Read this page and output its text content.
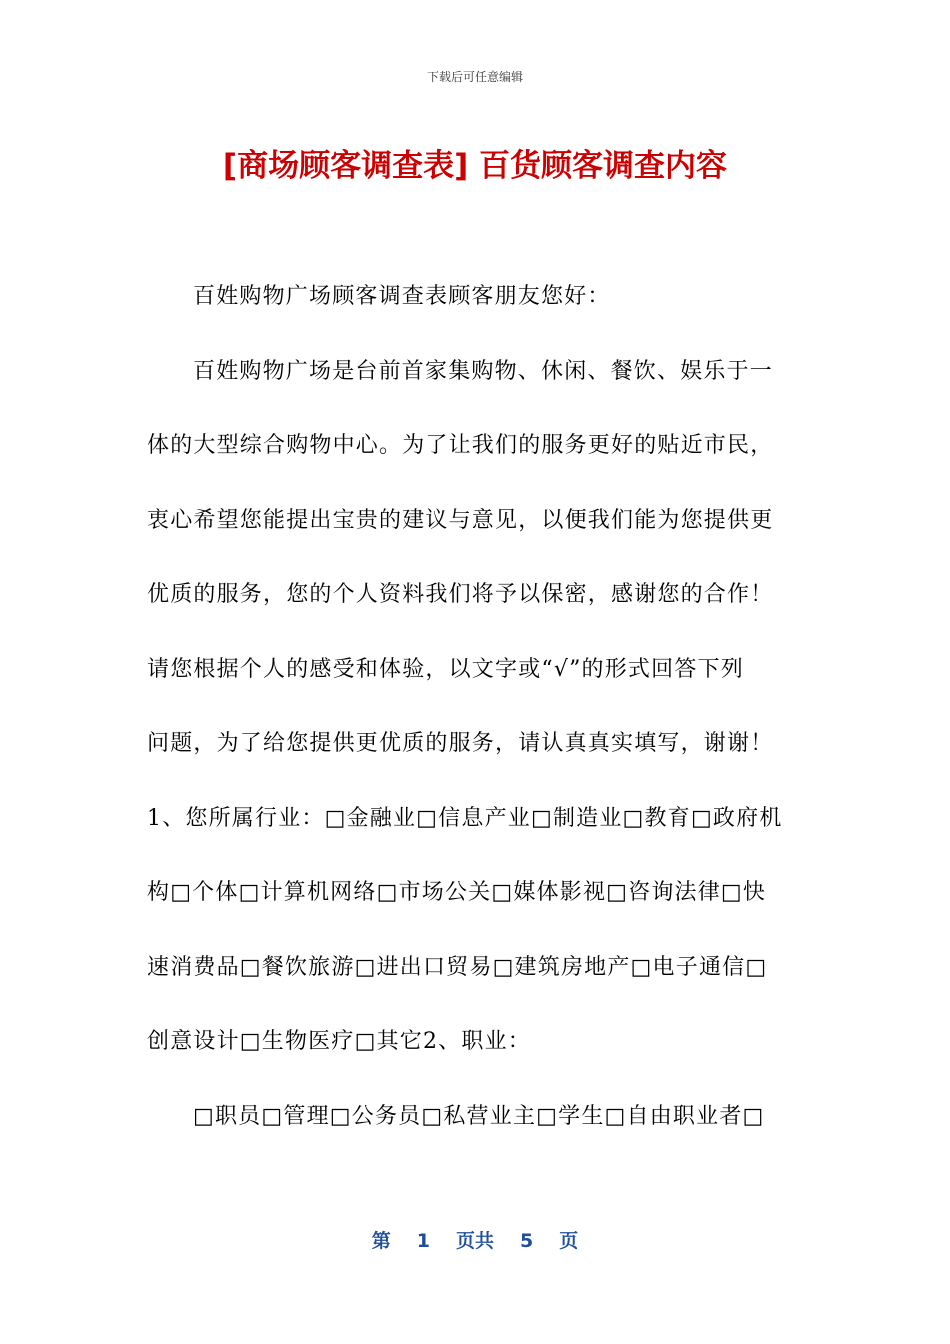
下载后可任意编辑
[商场顾客调查表] 百货顾客调查内容
百姓购物广场顾客调查表顾客朋友您好：
百姓购物广场是台前首家集购物、休闲、餐饮、娱乐于一
体的大型综合购物中心。为了让我们的服务更好的贴近市民，
衷心希望您能提出宝贵的建议与意见，以便我们能为您提供更
优质的服务，您的个人资料我们将予以保密，感谢您的合作！
请您根据个人的感受和体验，以文字或“√”的形式回答下列
问题，为了给您提供更优质的服务，请认真真实填写，谢谢！
1、您所属行业：□金融业□信息产业□制造业□教育□政府机
构□个体□计算机网络□市场公关□媒体影视□咨询法律□快
速消费品□餐饮旅游□进出口贸易□建筑房地产□电子通信□
创意设计□生物医疗□其它2、职业：
□职员□管理□公务员□私营业主□学生□自由职业者□
第 1 页共 5 页
